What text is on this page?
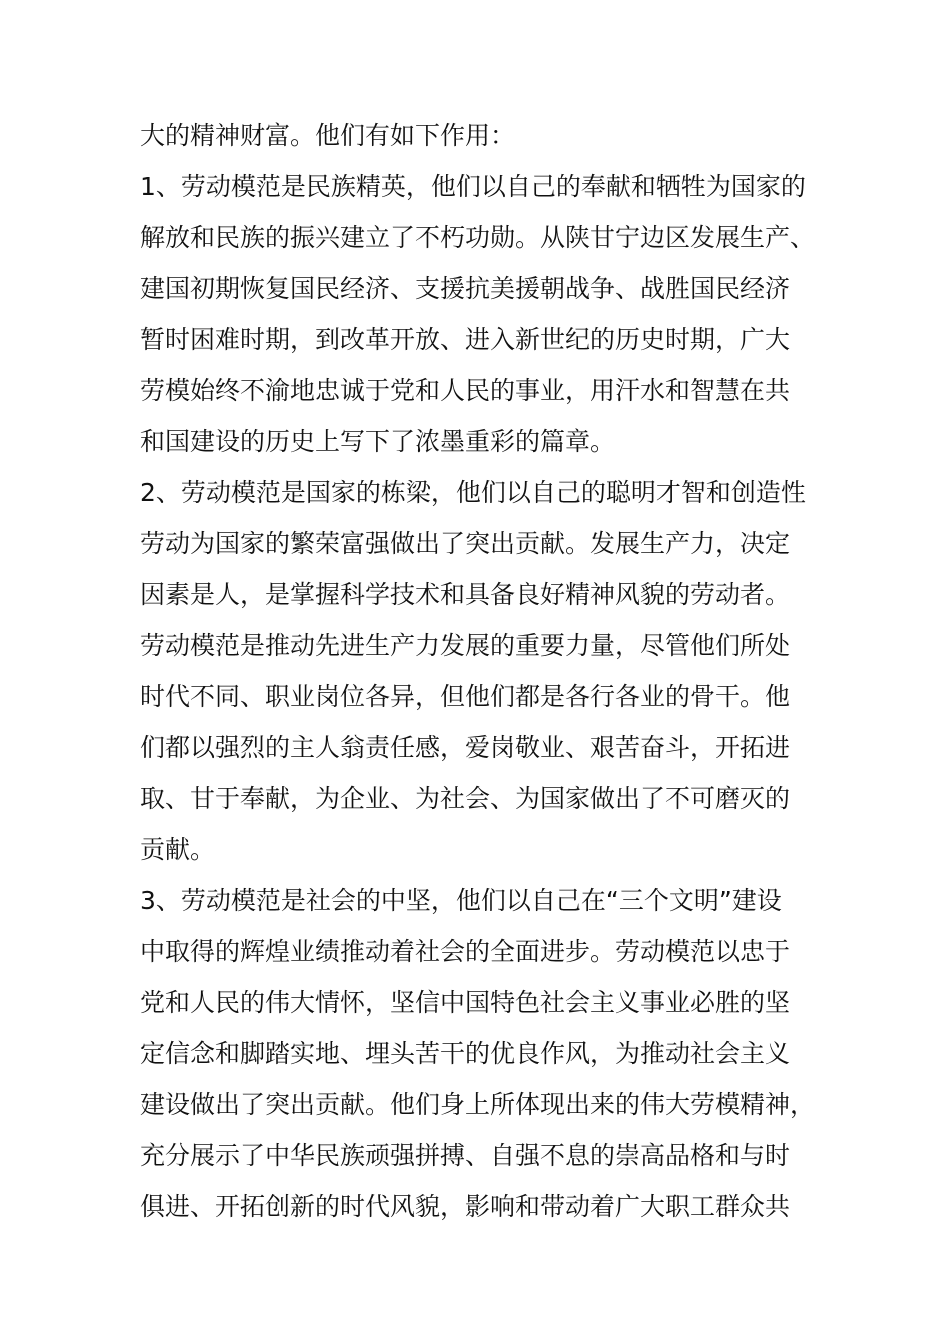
大的精神财富。他们有如下作用：
1、劳动模范是民族精英，他们以自己的奉献和牺牲为国家的
解放和民族的振兴建立了不朽功勋。从陕甘宁边区发展生产、
建国初期恢复国民经济、支援抗美援朝战争、战胜国民经济
暂时困难时期，到改革开放、进入新世纪的历史时期，广大
劳模始终不渝地忠诚于党和人民的事业，用汗水和智慧在共
和国建设的历史上写下了浓墨重彩的篇章。
2、劳动模范是国家的栋梁，他们以自己的聪明才智和创造性
劳动为国家的繁荣富强做出了突出贡献。发展生产力，决定
因素是人，是掌握科学技术和具备良好精神风貌的劳动者。
劳动模范是推动先进生产力发展的重要力量，尽管他们所处
时代不同、职业岗位各异，但他们都是各行各业的骨干。他
们都以强烈的主人翁责任感，爱岗敬业、艰苦奋斗，开拓进
取、甘于奉献，为企业、为社会、为国家做出了不可磨灭的
贡献。
3、劳动模范是社会的中坚，他们以自己在“三个文明”建设
中取得的辉煌业绩推动着社会的全面进步。劳动模范以忠于
党和人民的伟大情怀，坚信中国特色社会主义事业必胜的坚
定信念和脚踏实地、埋头苦干的优良作风，为推动社会主义
建设做出了突出贡献。他们身上所体现出来的伟大劳模精神，
充分展示了中华民族顽强拼搏、自强不息的崇高品格和与时
俱进、开拓创新的时代风貌，影响和带动着广大职工群众共
